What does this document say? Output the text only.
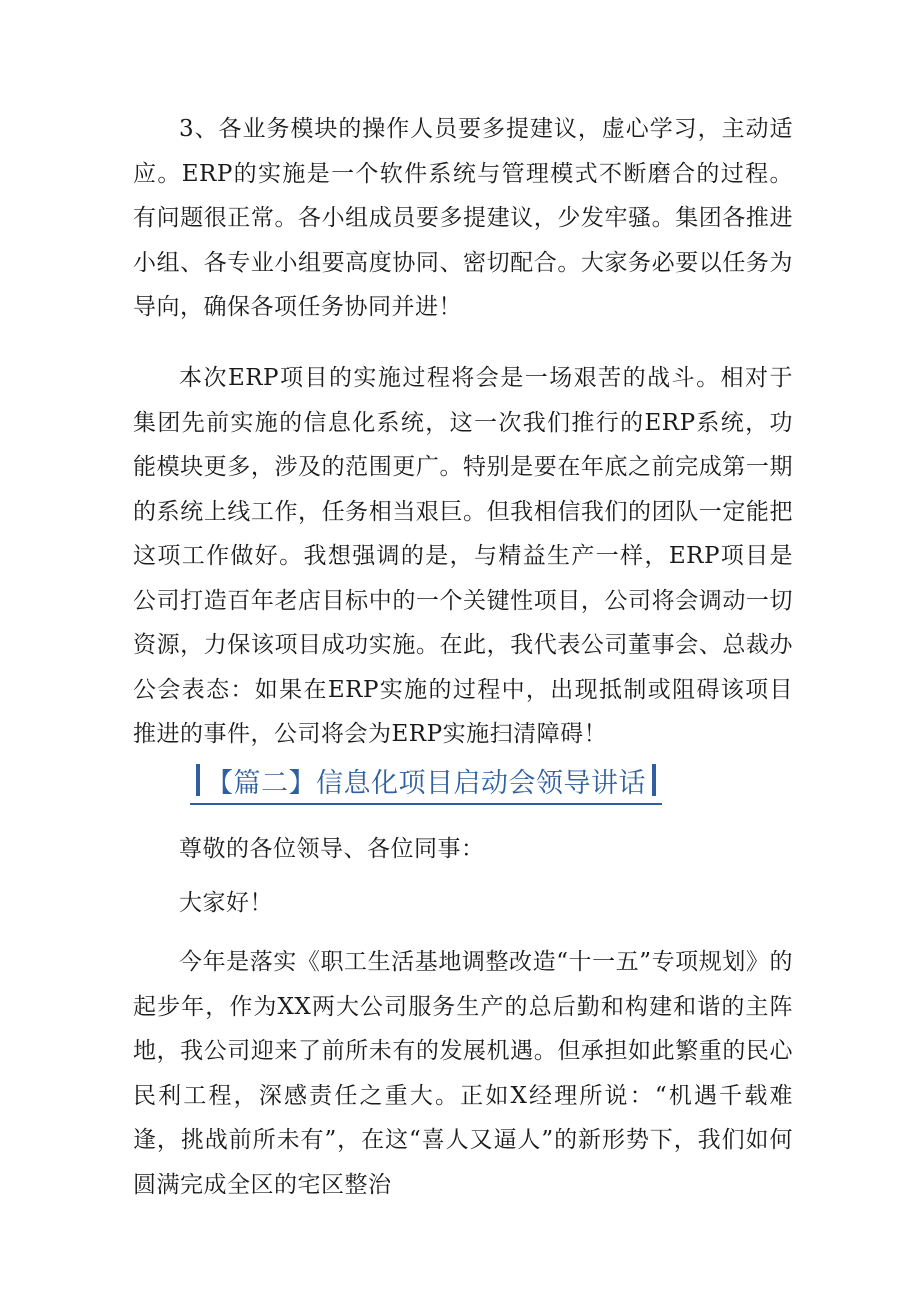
3、各业务模块的操作人员要多提建议，虚心学习，主动适应。ERP的实施是一个软件系统与管理模式不断磨合的过程。有问题很正常。各小组成员要多提建议，少发牢骚。集团各推进小组、各专业小组要高度协同、密切配合。大家务必要以任务为导向，确保各项任务协同并进！

本次ERP项目的实施过程将会是一场艰苦的战斗。相对于集团先前实施的信息化系统，这一次我们推行的ERP系统，功能模块更多，涉及的范围更广。特别是要在年底之前完成第一期的系统上线工作，任务相当艰巨。但我相信我们的团队一定能把这项工作做好。我想强调的是，与精益生产一样，ERP项目是公司打造百年老店目标中的一个关键性项目，公司将会调动一切资源，力保该项目成功实施。在此，我代表公司董事会、总裁办公会表态：如果在ERP实施的过程中，出现抵制或阻碍该项目推进的事件，公司将会为ERP实施扫清障碍！

【篇二】信息化项目启动会领导讲话

尊敬的各位领导、各位同事：

大家好！

今年是落实《职工生活基地调整改造“十一五”专项规划》的起步年，作为XX两大公司服务生产的总后勤和构建和谐的主阵地，我公司迎来了前所未有的发展机遇。但承担如此繁重的民心民利工程，深感责任之重大。正如X经理所说：“机遇千载难逢，挑战前所未有”，在这“喜人又逼人”的新形势下，我们如何圆满完成全区的宅区整治
